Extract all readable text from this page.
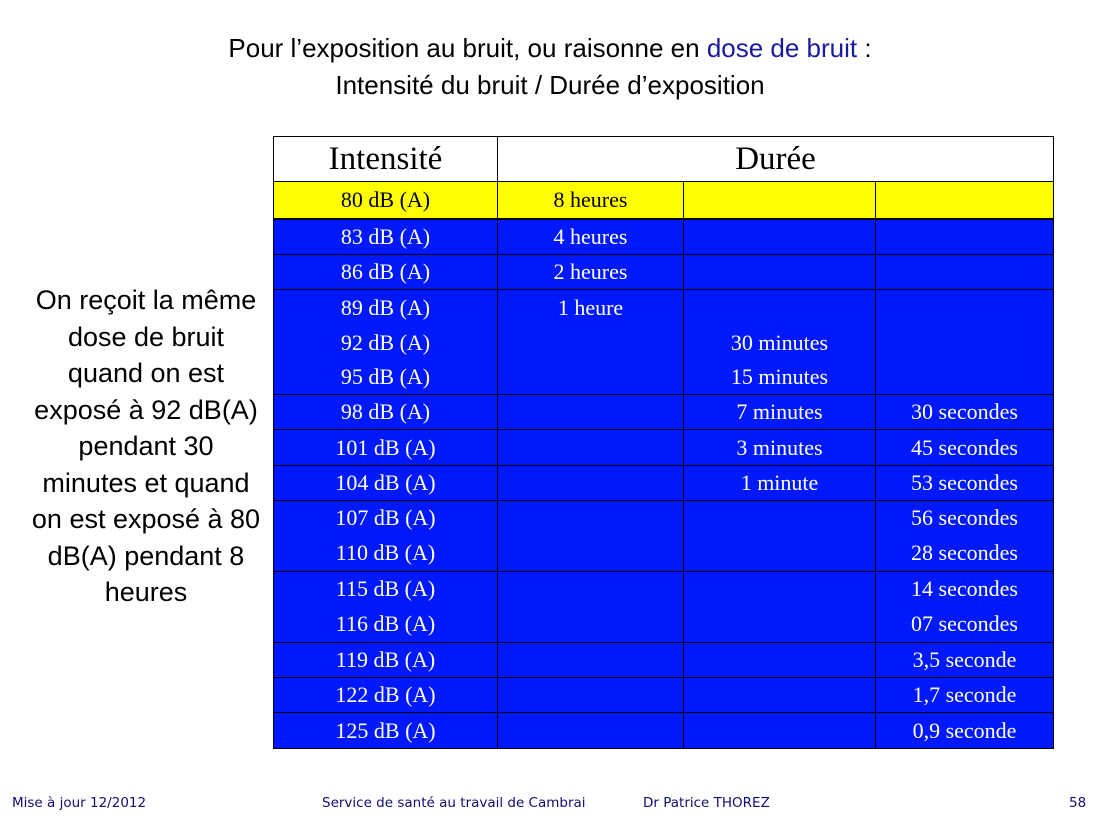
Pour l’exposition au bruit, ou raisonne en dose de bruit :
Intensité du bruit / Durée d’exposition
On reçoit la même dose de bruit quand on est exposé à 92 dB(A) pendant 30 minutes et quand on est exposé à 80 dB(A) pendant 8 heures
Intensité	Durée		
80 dB (A)	8 heures		
83 dB (A)	4 heures		
86 dB (A)	2 heures		
89 dB (A)	1 heure		
92 dB (A)		30 minutes	
95 dB (A)		15 minutes	
98 dB (A)		7 minutes	30 secondes
101 dB (A)		3 minutes	45 secondes
104 dB (A)		1 minute	53 secondes
107 dB (A)			56 secondes
110 dB (A)			28 secondes
115 dB (A)			14 secondes
116 dB (A)			07 secondes
119 dB (A)			3,5 seconde
122 dB (A)			1,7 seconde
125 dB (A)			0,9 seconde
Mise à jour 12/2012	Service de santé au travail de Cambrai	Dr Patrice THOREZ	58
